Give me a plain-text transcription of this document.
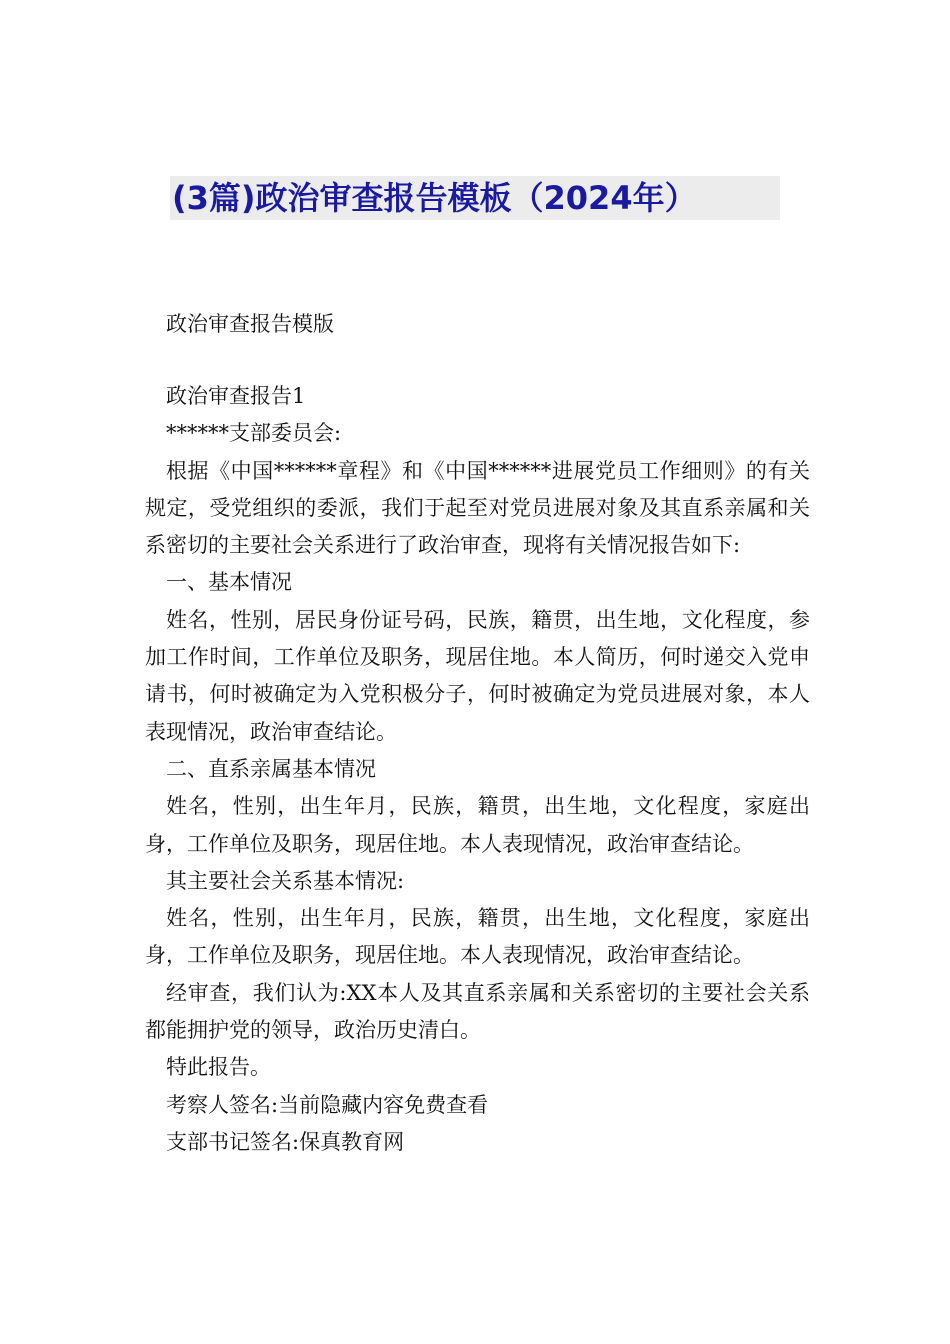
(3篇)政治审查报告模板（2024年）
政治审查报告模版

政治审查报告1

******支部委员会:

根据《中国******章程》和《中国******进展党员工作细则》的有关规定，受党组织的委派，我们于起至对党员进展对象及其直系亲属和关系密切的主要社会关系进行了政治审查，现将有关情况报告如下:

一、基本情况

姓名，性别，居民身份证号码，民族，籍贯，出生地，文化程度，参加工作时间，工作单位及职务，现居住地。本人简历，何时递交入党申请书，何时被确定为入党积极分子，何时被确定为党员进展对象，本人表现情况，政治审查结论。

二、直系亲属基本情况

姓名，性别，出生年月，民族，籍贯，出生地，文化程度，家庭出身，工作单位及职务，现居住地。本人表现情况，政治审查结论。

其主要社会关系基本情况:

姓名，性别，出生年月，民族，籍贯，出生地，文化程度，家庭出身，工作单位及职务，现居住地。本人表现情况，政治审查结论。

经审查，我们认为:XX本人及其直系亲属和关系密切的主要社会关系都能拥护党的领导，政治历史清白。

特此报告。

考察人签名:当前隐藏内容免费查看

支部书记签名:保真教育网
